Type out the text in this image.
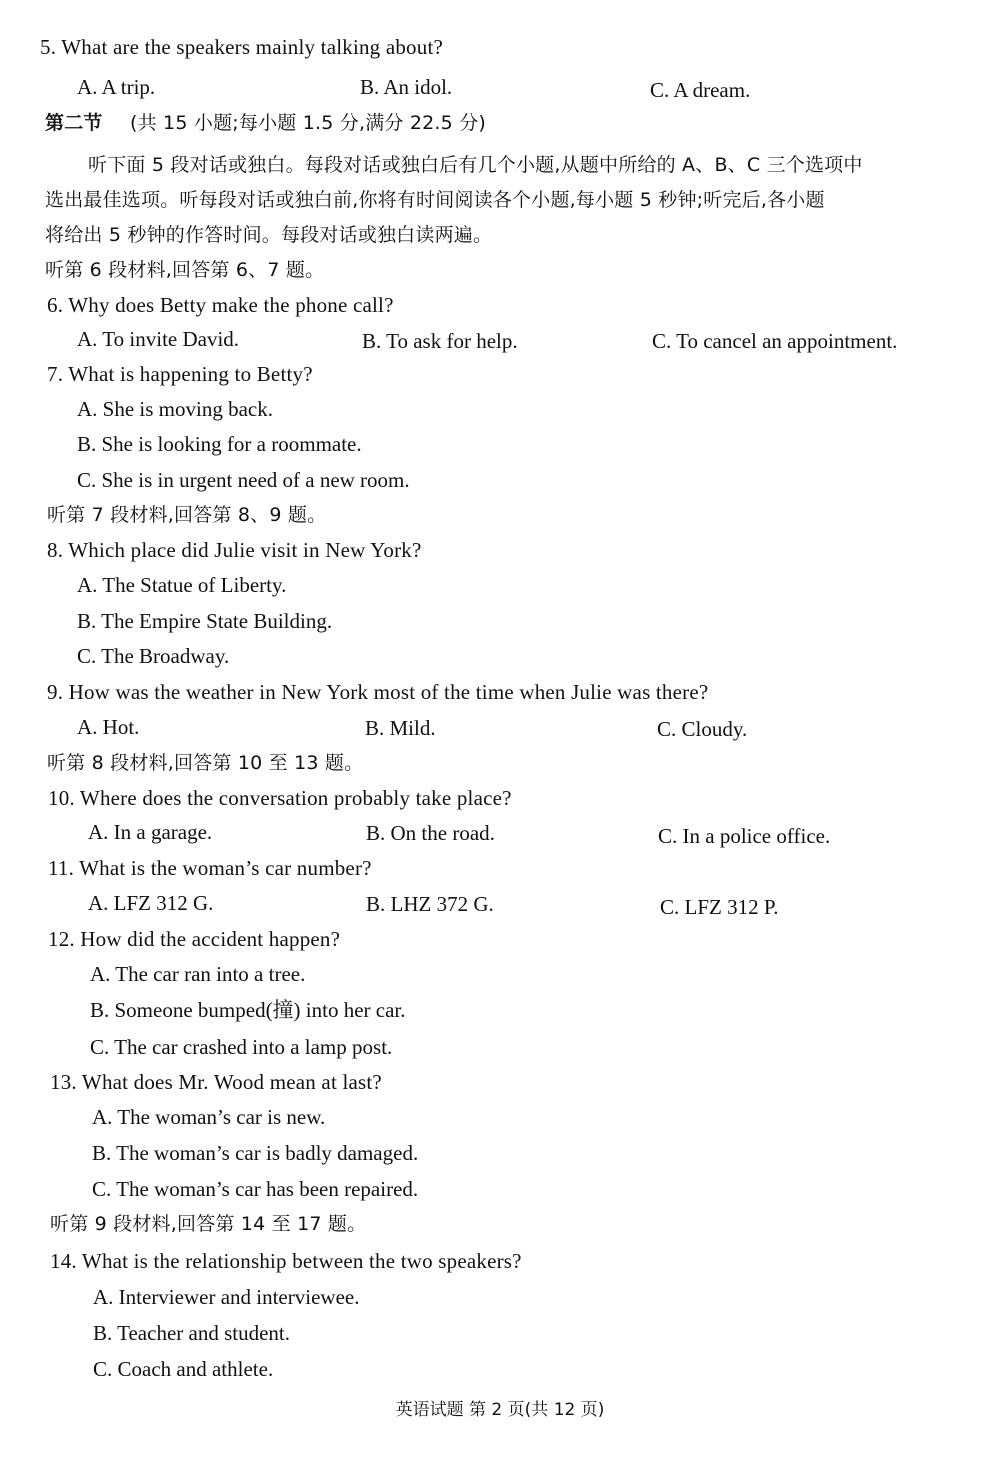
5. What are the speakers mainly talking about?
A. A trip.	B. An idol.	C. A dream.
第二节 (共 15 小题;每小题 1.5 分,满分 22.5 分)
听下面 5 段对话或独白。每段对话或独白后有几个小题,从题中所给的 A、B、C 三个选项中
选出最佳选项。听每段对话或独白前,你将有时间阅读各个小题,每小题 5 秒钟;听完后,各小题
将给出 5 秒钟的作答时间。每段对话或独白读两遍。
听第 6 段材料,回答第 6、7 题。
6. Why does Betty make the phone call?
A. To invite David.	B. To ask for help.	C. To cancel an appointment.
7. What is happening to Betty?
A. She is moving back.
B. She is looking for a roommate.
C. She is in urgent need of a new room.
听第 7 段材料,回答第 8、9 题。
8. Which place did Julie visit in New York?
A. The Statue of Liberty.
B. The Empire State Building.
C. The Broadway.
9. How was the weather in New York most of the time when Julie was there?
A. Hot.	B. Mild.	C. Cloudy.
听第 8 段材料,回答第 10 至 13 题。
10. Where does the conversation probably take place?
A. In a garage.	B. On the road.	C. In a police office.
11. What is the woman’s car number?
A. LFZ 312 G.	B. LHZ 372 G.	C. LFZ 312 P.
12. How did the accident happen?
A. The car ran into a tree.
B. Someone bumped(撞) into her car.
C. The car crashed into a lamp post.
13. What does Mr. Wood mean at last?
A. The woman’s car is new.
B. The woman’s car is badly damaged.
C. The woman’s car has been repaired.
听第 9 段材料,回答第 14 至 17 题。
14. What is the relationship between the two speakers?
A. Interviewer and interviewee.
B. Teacher and student.
C. Coach and athlete.
英语试题 第 2 页(共 12 页)
